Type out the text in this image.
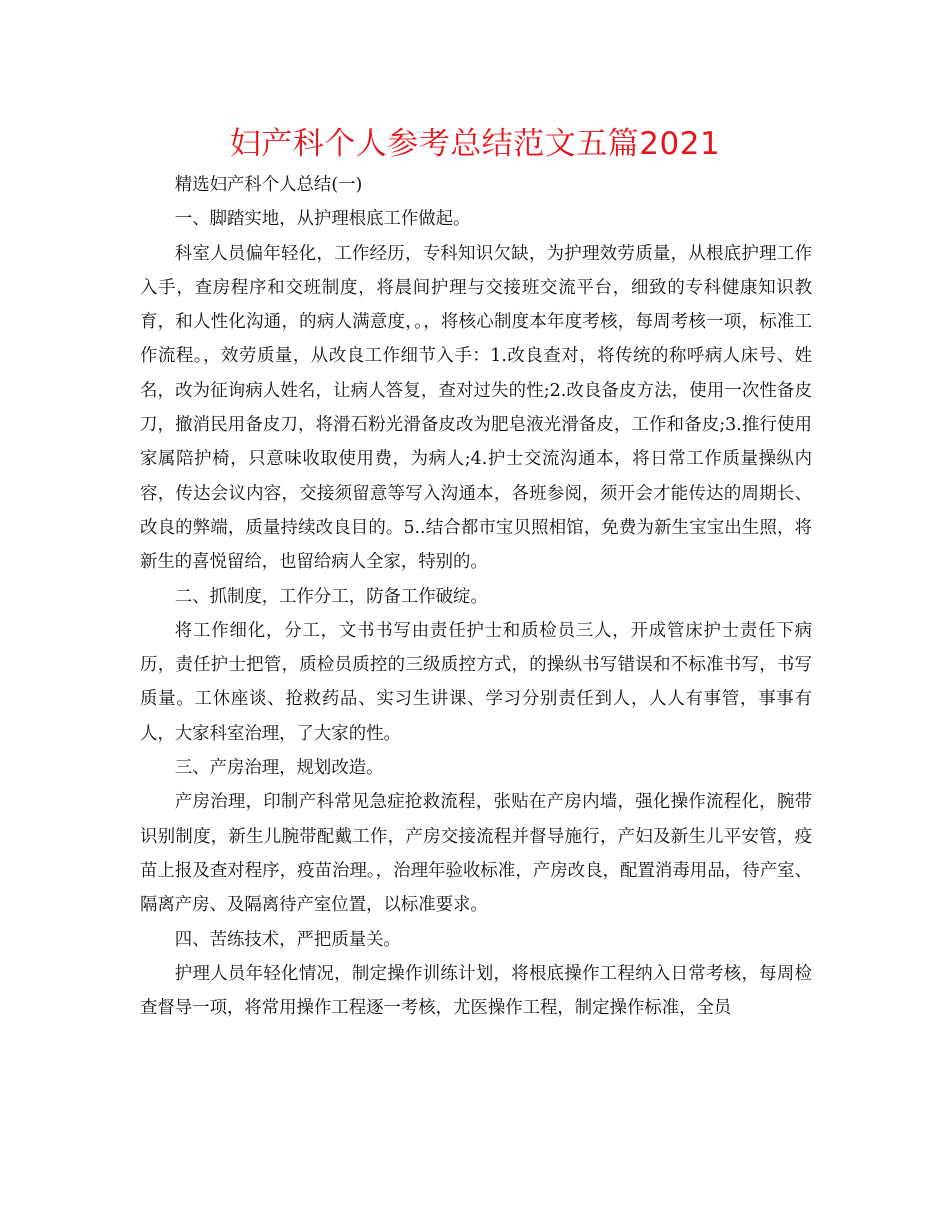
妇产科个人参考总结范文五篇2021

精选妇产科个人总结(一)

一、脚踏实地，从护理根底工作做起。

科室人员偏年轻化，工作经历，专科知识欠缺，为护理效劳质量，从根底护理工作入手，查房程序和交班制度，将晨间护理与交接班交流平台，细致的专科健康知识教育，和人性化沟通，的病人满意度，。，将核心制度本年度考核，每周考核一项，标准工作流程。，效劳质量，从改良工作细节入手：1.改良查对，将传统的称呼病人床号、姓名，改为征询病人姓名，让病人答复，查对过失的性;2.改良备皮方法，使用一次性备皮刀，撤消民用备皮刀，将滑石粉光滑备皮改为肥皂液光滑备皮，工作和备皮;3.推行使用家属陪护椅，只意味收取使用费，为病人;4.护士交流沟通本，将日常工作质量操纵内容，传达会议内容，交接须留意等写入沟通本，各班参阅，须开会才能传达的周期长、改良的弊端，质量持续改良目的。5..结合都市宝贝照相馆，免费为新生宝宝出生照，将新生的喜悦留给，也留给病人全家，特别的。

二、抓制度，工作分工，防备工作破绽。

将工作细化，分工，文书书写由责任护士和质检员三人，开成管床护士责任下病历，责任护士把管，质检员质控的三级质控方式，的操纵书写错误和不标准书写，书写质量。工休座谈、抢救药品、实习生讲课、学习分别责任到人，人人有事管，事事有人，大家科室治理，了大家的性。

三、产房治理，规划改造。

产房治理，印制产科常见急症抢救流程，张贴在产房内墙，强化操作流程化，腕带识别制度，新生儿腕带配戴工作，产房交接流程并督导施行，产妇及新生儿平安管，疫苗上报及查对程序，疫苗治理。，治理年验收标准，产房改良，配置消毒用品，待产室、隔离产房、及隔离待产室位置，以标准要求。

四、苦练技术，严把质量关。

护理人员年轻化情况，制定操作训练计划，将根底操作工程纳入日常考核，每周检查督导一项，将常用操作工程逐一考核，尤医操作工程，制定操作标准，全员
